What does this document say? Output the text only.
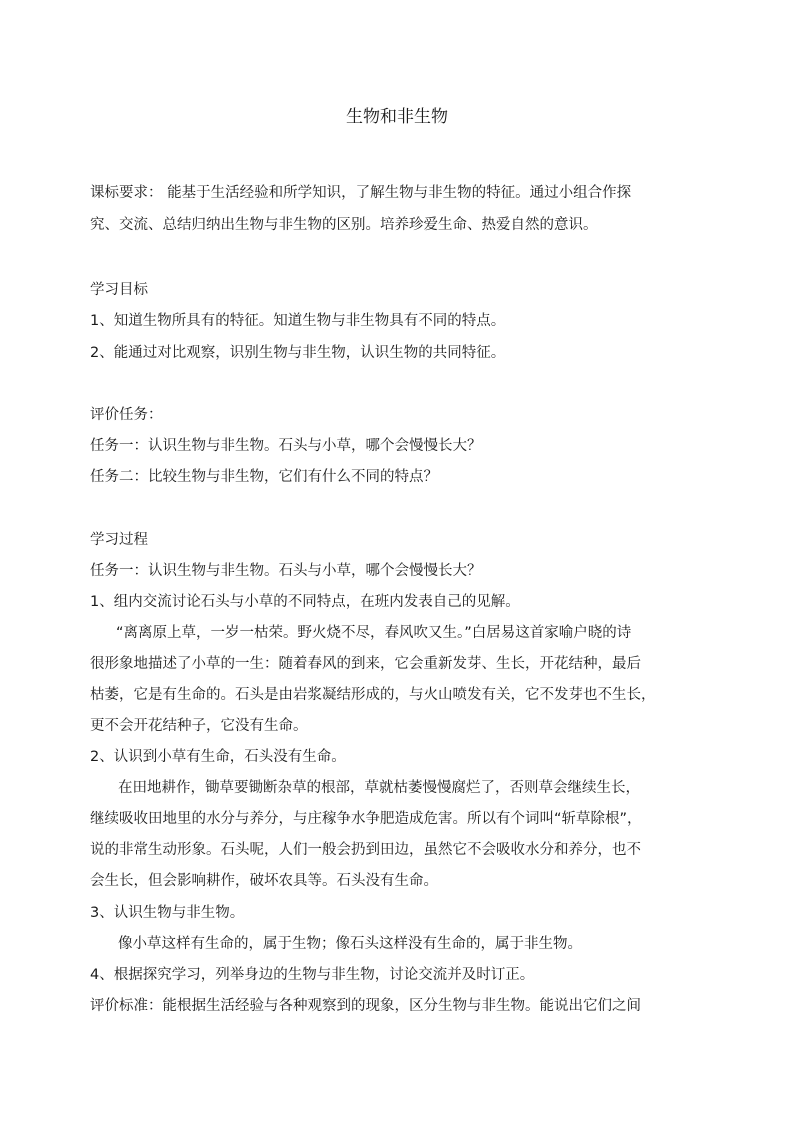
生物和非生物
课标要求： 能基于生活经验和所学知识，了解生物与非生物的特征。通过小组合作探
究、交流、总结归纳出生物与非生物的区别。培养珍爱生命、热爱自然的意识。
学习目标
1、知道生物所具有的特征。知道生物与非生物具有不同的特点。
2、能通过对比观察，识别生物与非生物，认识生物的共同特征。
评价任务：
任务一：认识生物与非生物。石头与小草，哪个会慢慢长大？
任务二：比较生物与非生物，它们有什么不同的特点？
学习过程
任务一：认识生物与非生物。石头与小草，哪个会慢慢长大？
1、组内交流讨论石头与小草的不同特点，在班内发表自己的见解。
“离离原上草，一岁一枯荣。野火烧不尽，春风吹又生。”白居易这首家喻户晓的诗
很形象地描述了小草的一生：随着春风的到来，它会重新发芽、生长，开花结种，最后
枯萎，它是有生命的。石头是由岩浆凝结形成的，与火山喷发有关，它不发芽也不生长，
更不会开花结种子，它没有生命。
2、认识到小草有生命，石头没有生命。
在田地耕作，锄草要锄断杂草的根部，草就枯萎慢慢腐烂了，否则草会继续生长，
继续吸收田地里的水分与养分，与庄稼争水争肥造成危害。所以有个词叫“斩草除根”，
说的非常生动形象。石头呢，人们一般会扔到田边，虽然它不会吸收水分和养分，也不
会生长，但会影响耕作，破坏农具等。石头没有生命。
3、认识生物与非生物。
像小草这样有生命的，属于生物；像石头这样没有生命的，属于非生物。
4、根据探究学习，列举身边的生物与非生物，讨论交流并及时订正。
评价标准：能根据生活经验与各种观察到的现象，区分生物与非生物。能说出它们之间
